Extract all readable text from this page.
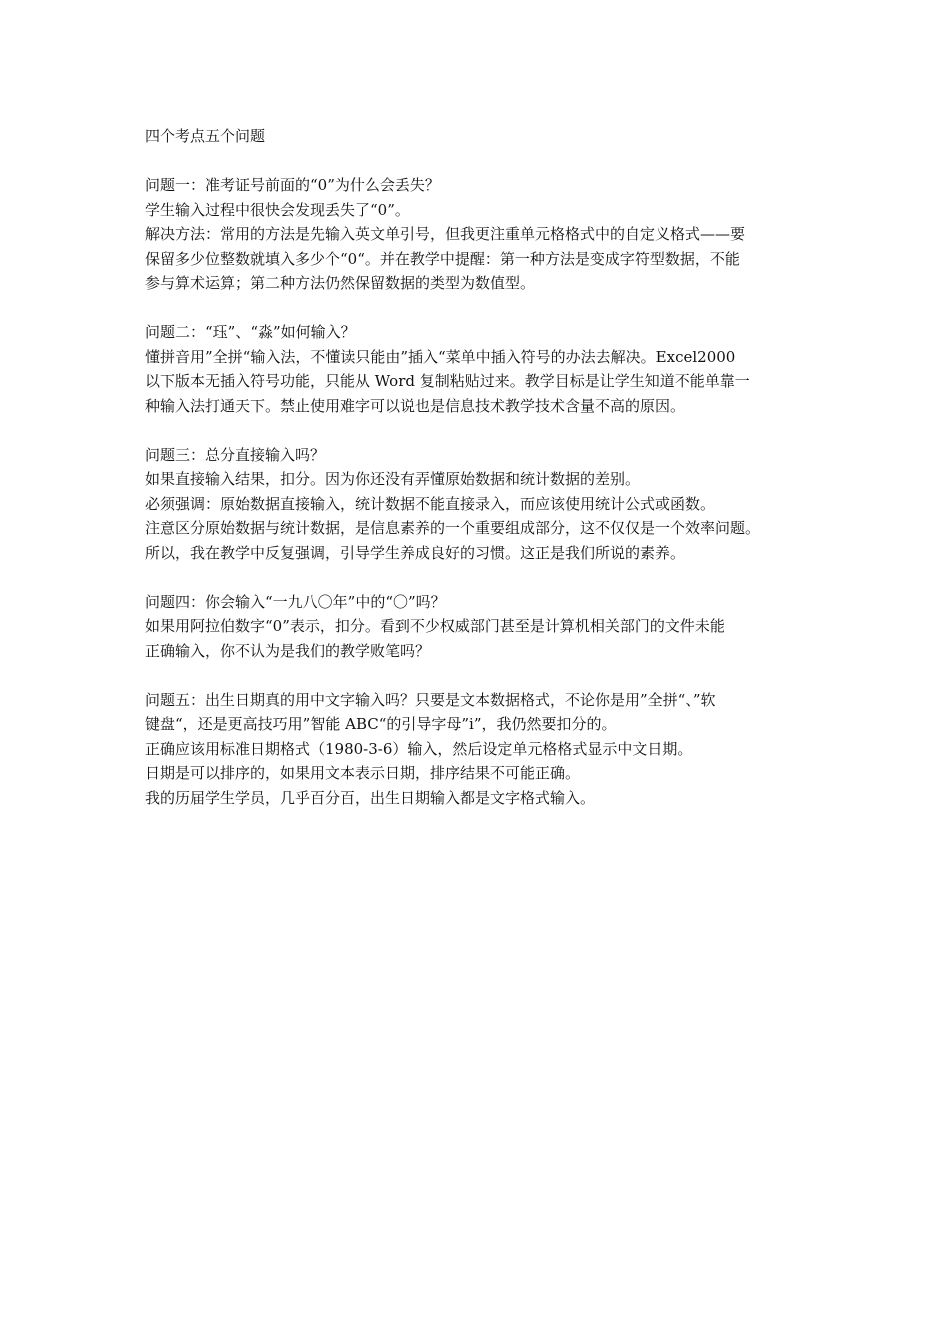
四个考点五个问题
问题一：准考证号前面的“0”为什么会丢失？
学生输入过程中很快会发现丢失了“0”。
解决方法：常用的方法是先输入英文单引号，但我更注重单元格格式中的自定义格式——要
保留多少位整数就填入多少个“0“。并在教学中提醒：第一种方法是变成字符型数据，不能
参与算术运算；第二种方法仍然保留数据的类型为数值型。
问题二：“珏”、“淼”如何输入？
懂拼音用”全拼“输入法，不懂读只能由”插入“菜单中插入符号的办法去解决。Excel2000
以下版本无插入符号功能，只能从 Word 复制粘贴过来。教学目标是让学生知道不能单靠一
种输入法打通天下。禁止使用难字可以说也是信息技术教学技术含量不高的原因。
问题三：总分直接输入吗？
如果直接输入结果，扣分。因为你还没有弄懂原始数据和统计数据的差别。
必须强调：原始数据直接输入，统计数据不能直接录入，而应该使用统计公式或函数。
注意区分原始数据与统计数据，是信息素养的一个重要组成部分，这不仅仅是一个效率问题。
所以，我在教学中反复强调，引导学生养成良好的习惯。这正是我们所说的素养。
问题四：你会输入“一九八〇年”中的“〇”吗？
如果用阿拉伯数字“0”表示，扣分。看到不少权威部门甚至是计算机相关部门的文件未能
正确输入，你不认为是我们的教学败笔吗？
问题五：出生日期真的用中文字输入吗？只要是文本数据格式，不论你是用”全拼“、”软
键盘“，还是更高技巧用”智能 ABC“的引导字母”i”，我仍然要扣分的。
正确应该用标准日期格式（1980-3-6）输入，然后设定单元格格式显示中文日期。
日期是可以排序的，如果用文本表示日期，排序结果不可能正确。
我的历届学生学员，几乎百分百，出生日期输入都是文字格式输入。
